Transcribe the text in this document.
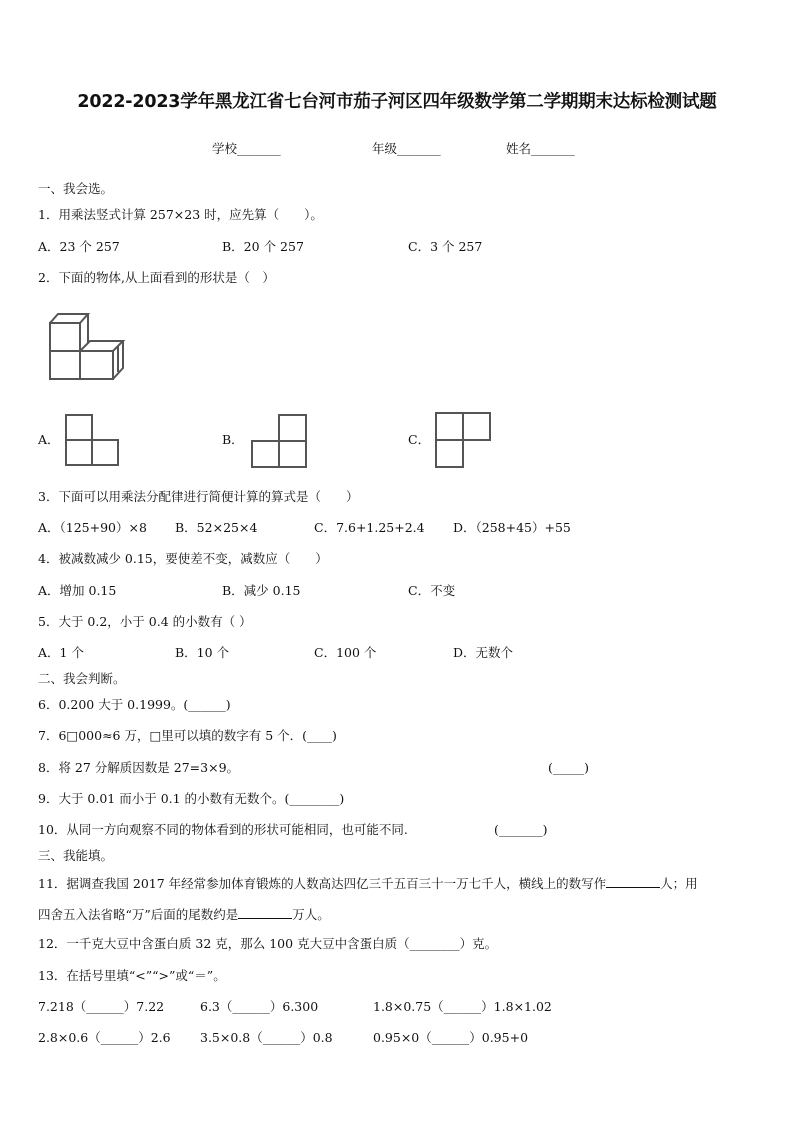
2022-2023学年黑龙江省七台河市茄子河区四年级数学第二学期期末达标检测试题
学校_______	年级_______	姓名_______
一、我会选。
1．用乘法竖式计算 257×23 时，应先算（　　）。
A．23 个 257	B．20 个 257	C．3 个 257
2．下面的物体,从上面看到的形状是（　）
A．	B．	C．
3．下面可以用乘法分配律进行简便计算的算式是（　　）
A．（125+90）×8 B．52×25×4	C．7.6+1.25+2.4 D．（258+45）+55
4．被减数减少 0.15，要使差不变，减数应（　　）
A．增加 0.15	B．减少 0.15	C．不变
5．大于 0.2，小于 0.4 的小数有（ ）
A．1 个	B．10 个	C．100 个	D．无数个
二、我会判断。
6．0.200 大于 0.1999。(______)
7．6□000≈6 万，□里可以填的数字有 5 个．(____)
8．将 27 分解质因数是 27=3×9。	(_____)
9．大于 0.01 而小于 0.1 的小数有无数个。(________)
10．从同一方向观察不同的物体看到的形状可能相同，也可能不同.	(_______)
三、我能填。
11．据调查我国 2017 年经常参加体育锻炼的人数高达四亿三千五百三十一万七千人，横线上的数写作	人；用
四舍五入法省略“万”后面的尾数约是	万人。
12．一千克大豆中含蛋白质 32 克，那么 100 克大豆中含蛋白质（________）克。
13．在括号里填“<”“>”或“＝”。
7.218（______）7.22	6.3（______）6.300	1.8×0.75（______）1.8×1.02
2.8×0.6（______）2.6 3.5×0.8（______）0.8	0.95×0（______）0.95+0
